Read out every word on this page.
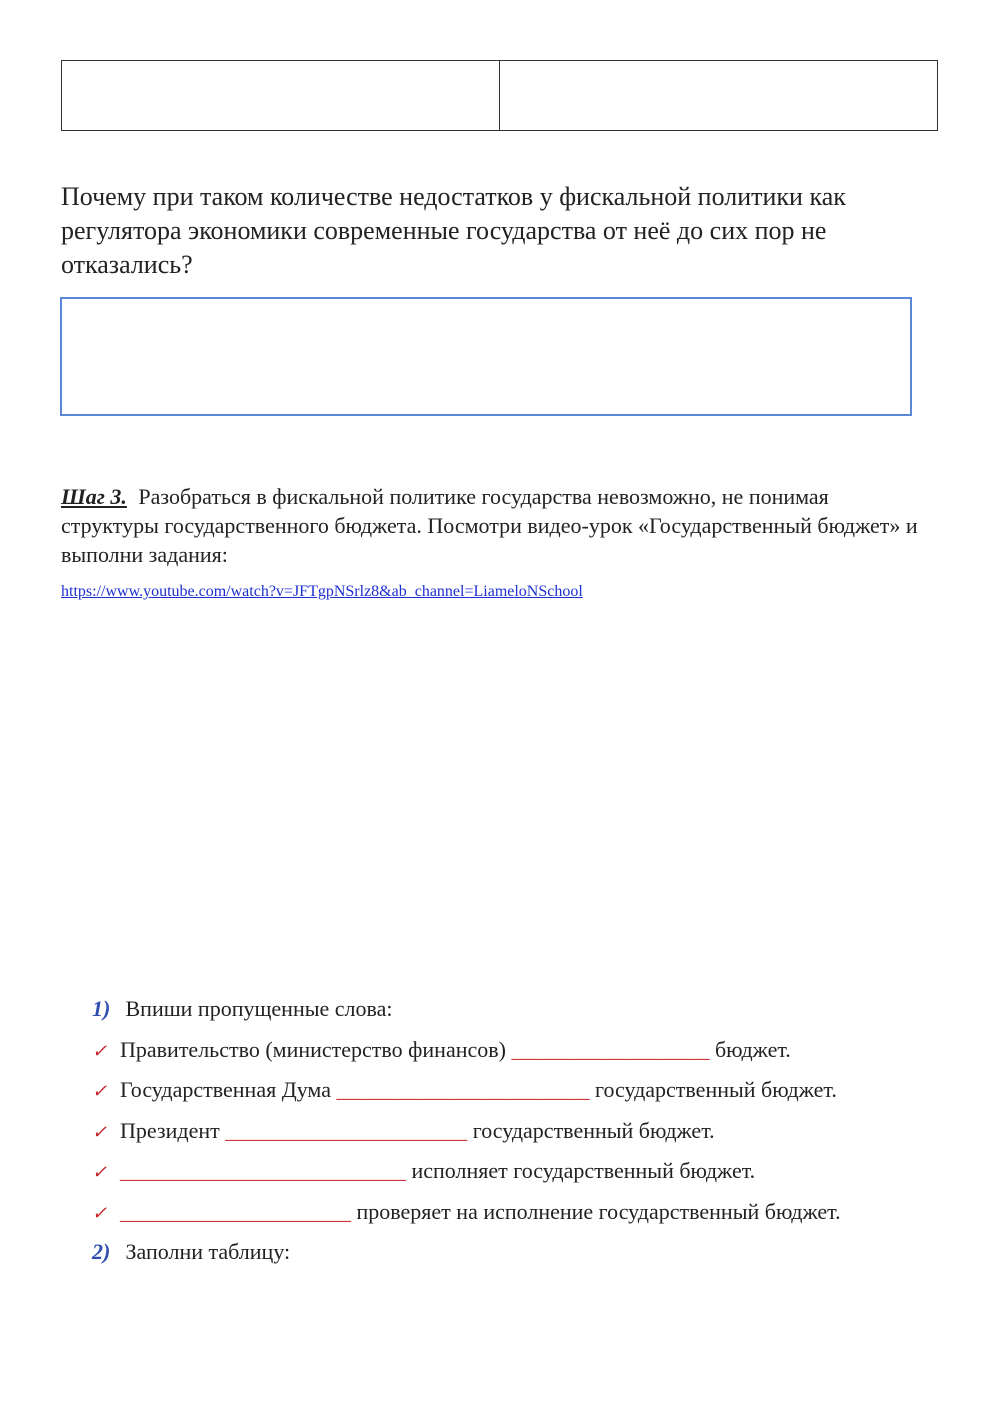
Почему при таком количестве недостатков у фискальной политики как регулятора экономики современные государства от неё до сих пор не отказались?

Шаг 3. Разобраться в фискальной политике государства невозможно, не понимая структуры государственного бюджета. Посмотри видео-урок «Государственный бюджет» и выполни задания:

https://www.youtube.com/watch?v=JFTgpNSrlz8&ab_channel=LiameloNSchool
1) Впиши пропущенные слова:
✓ Правительство (министерство финансов) __________________ бюджет.
✓ Государственная Дума _______________________ государственный бюджет.
✓ Президент ______________________ государственный бюджет.
✓ __________________________ исполняет государственный бюджет.
✓ _____________________ проверяет на исполнение государственный бюджет.
2) Заполни таблицу:
